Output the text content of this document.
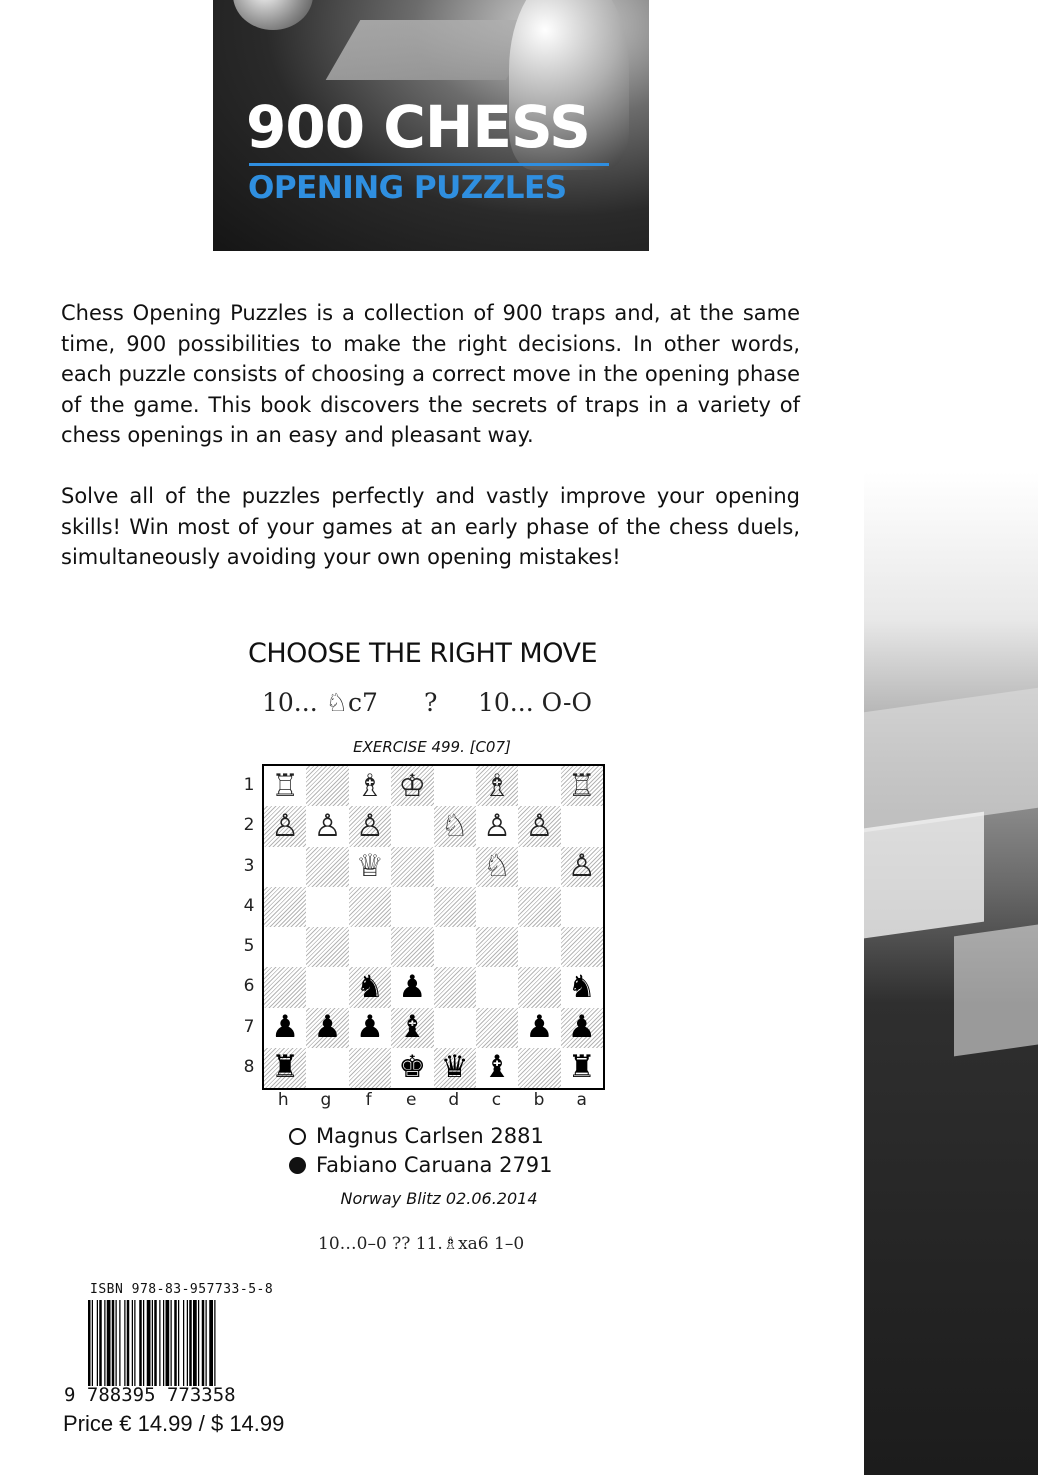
900 CHESS
OPENING PUZZLES
Chess Opening Puzzles is a collection of 900 traps and, at the same time, 900 possibilities to make the right decisions. In other words, each puzzle consists of choosing a correct move in the opening phase of the game. This book discovers the secrets of traps in a variety of chess openings in an easy and pleasant way.
Solve all of the puzzles perfectly and vastly improve your opening skills! Win most of your games at an early phase of the chess duels, simultaneously avoiding your own opening mistakes!
CHOOSE THE RIGHT MOVE
10... ♘c7 ? 10... O-O
EXERCISE 499. [C07]
1
2
3
4
5
6
7
8
♖ ♗ ♔ ♗ ♖
♙ ♙ ♙ ♘ ♙ ♙
♕	♘ ♙
♞ ♟	♞
♟ ♟ ♟ ♝	♟ ♟
♜	♚ ♛ ♝ ♜
h	g	f	e	d	c	b	a
Magnus Carlsen 2881
Fabiano Caruana 2791
Norway Blitz 02.06.2014
10…0–0 ?? 11.♗xa6 1–0
ISBN 978-83-957733-5-8
9 788395 773358
Price € 14.99 / $ 14.99
